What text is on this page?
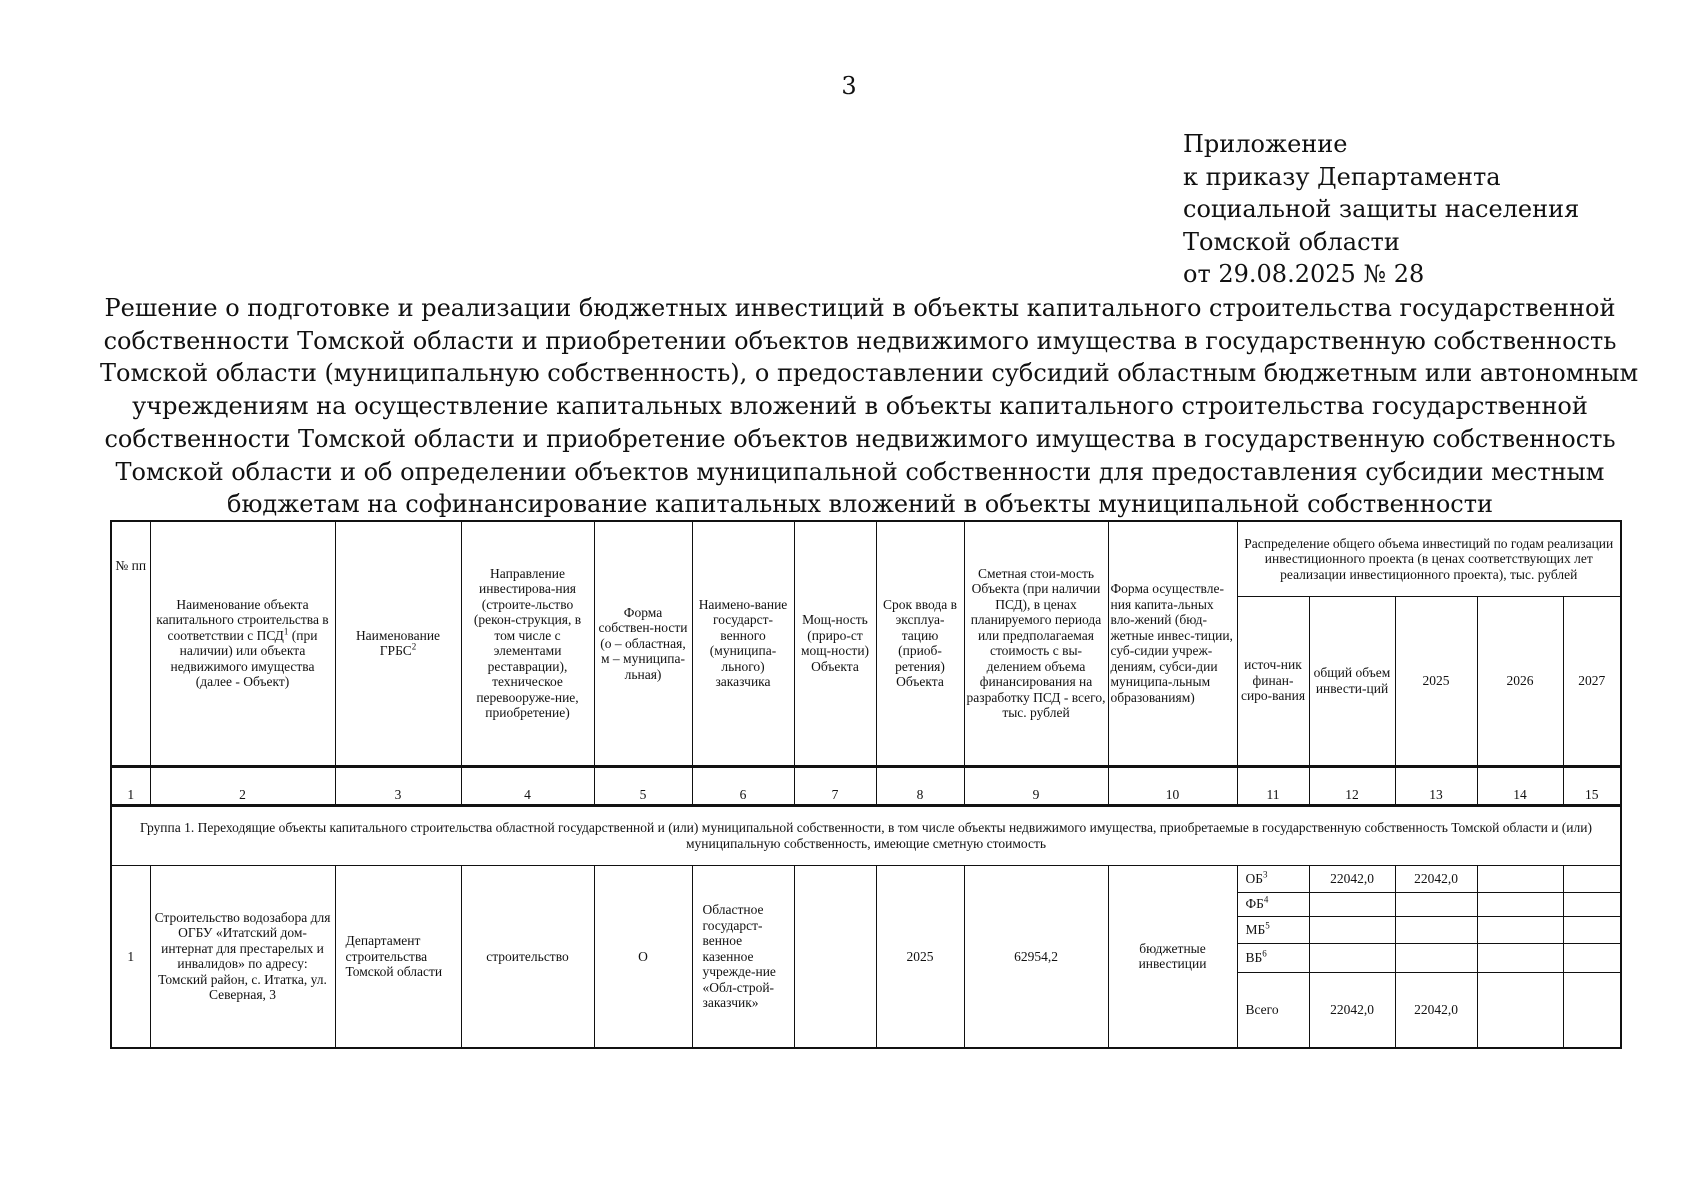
3
Приложение
к приказу Департамента
социальной защиты населения
Томской области
от 29.08.2025 № 28
Решение о подготовке и реализации бюджетных инвестиций в объекты капитального строительства государственной
собственности Томской области и приобретении объектов недвижимого имущества в государственную собственность
Томской области (муниципальную собственность), о предоставлении субсидий областным бюджетным или автономным
учреждениям на осуществление капитальных вложений в объекты капитального строительства государственной
собственности Томской области и приобретение объектов недвижимого имущества в государственную собственность
Томской области и об определении объектов муниципальной собственности для предоставления субсидии местным
бюджетам на софинансирование капитальных вложений в объекты муниципальной собственности
№ пп	Наименование объекта капитального строительства в соответствии с ПСД$^1$ (при наличии) или объекта недвижимого имущества (далее - Объект)	Наименование ГРБС$^2$	Направление инвестирова-ния (строите-льство (рекон-струкция, в том числе с элементами реставрации), техническое перевооруже-ние, приобретение)	Форма собствен-ности (о – областная, м – муниципа-льная)	Наимено-вание государст-венного (муниципа-льного) заказчика	Мощ-ность (приро-ст мощ-ности) Объекта	Срок ввода в эксплуа-тацию (приоб-ретения) Объекта	Сметная стои-мость Объекта (при наличии ПСД), в ценах планируемого периода или предполагаемая стоимость с вы-делением объема финансирования на разработку ПСД - всего, тыс. рублей	Форма осуществле-ния капита-льных вло-жений (бюд-жетные инвес-тиции, суб-сидии учреж-дениям, субси-дии муниципа-льным образованиям)	Распределение общего объема инвестиций по годам реализации инвестиционного проекта (в ценах соответствующих лет реализации инвестиционного проекта), тыс. рублей				
										источ-ник финан-сиро-вания	общий объем инвести-ций	2025	2026	2027
1	2	3	4	5	6	7	8	9	10	11	12	13	14	15
Группа 1. Переходящие объекты капитального строительства областной государственной и (или) муниципальной собственности, в том числе объекты недвижимого имущества, приобретаемые в государственную собственность Томской области и (или) муниципальную собственность, имеющие сметную стоимость														
1	Строительство водозабора для ОГБУ «Итатский дом-интернат для престарелых и инвалидов» по адресу: Томский район, с. Итатка, ул. Северная, 3	Департамент строительства Томской области	строительство	О	Областное государст-венное казенное учрежде-ние «Обл-строй-заказчик»		2025	62954,2	бюджетные инвестиции	$ОБ^3$	22042,0	22042,0		
										$ФБ^4$				
										$МБ^5$				
										$ВБ^6$				
										Всего	22042,0	22042,0		
